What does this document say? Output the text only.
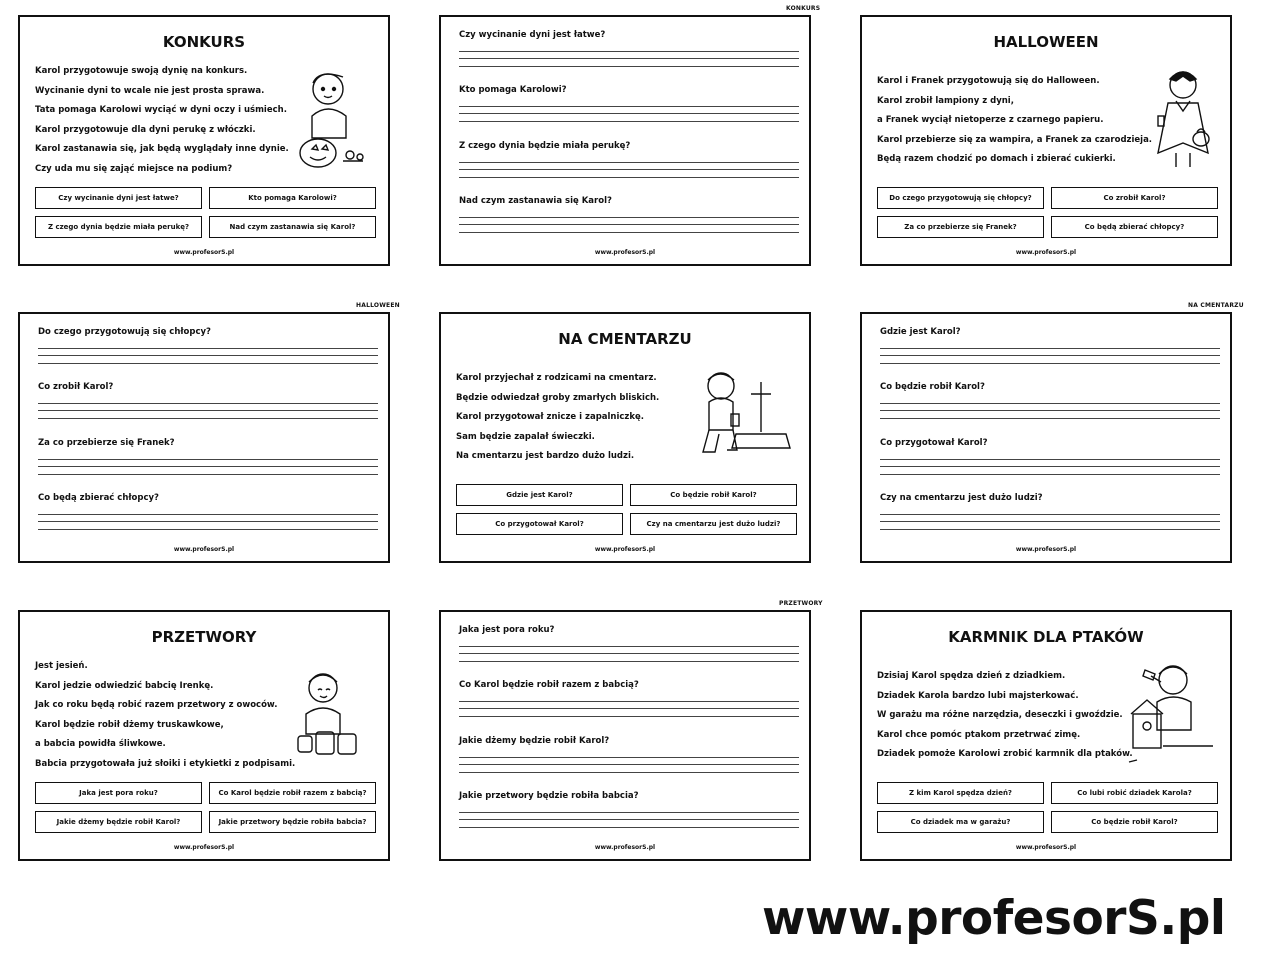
KONKURS
Karol przygotowuje swoją dynię na konkurs.
Wycinanie dyni to wcale nie jest prosta sprawa.
Tata pomaga Karolowi wyciąć w dyni oczy i uśmiech.
Karol przygotowuje dla dyni perukę z włóczki.
Karol zastanawia się, jak będą wyglądały inne dynie.
Czy uda mu się zająć miejsce na podium?
Czy wycinanie dyni jest łatwe?	Kto pomaga Karolowi?
Z czego dynia będzie miała perukę?	Nad czym zastanawia się Karol?
www.profesorS.pl
KONKURS
Czy wycinanie dyni jest łatwe?
Kto pomaga Karolowi?
Z czego dynia będzie miała perukę?
Nad czym zastanawia się Karol?
www.profesorS.pl
HALLOWEEN
Karol i Franek przygotowują się do Halloween.
Karol zrobił lampiony z dyni,
a Franek wyciął nietoperze z czarnego papieru.
Karol przebierze się za wampira, a Franek za czarodzieja.
Będą razem chodzić po domach i zbierać cukierki.
Do czego przygotowują się chłopcy?	Co zrobił Karol?
Za co przebierze się Franek?	Co będą zbierać chłopcy?
www.profesorS.pl
HALLOWEEN
Do czego przygotowują się chłopcy?
Co zrobił Karol?
Za co przebierze się Franek?
Co będą zbierać chłopcy?
www.profesorS.pl
NA CMENTARZU
Karol przyjechał z rodzicami na cmentarz.
Będzie odwiedzał groby zmarłych bliskich.
Karol przygotował znicze i zapalniczkę.
Sam będzie zapalał świeczki.
Na cmentarzu jest bardzo dużo ludzi.
Gdzie jest Karol?	Co będzie robił Karol?
Co przygotował Karol?	Czy na cmentarzu jest dużo ludzi?
www.profesorS.pl
NA CMENTARZU
Gdzie jest Karol?
Co będzie robił Karol?
Co przygotował Karol?
Czy na cmentarzu jest dużo ludzi?
www.profesorS.pl
PRZETWORY
Jest jesień.
Karol jedzie odwiedzić babcię Irenkę.
Jak co roku będą robić razem przetwory z owoców.
Karol będzie robił dżemy truskawkowe,
a babcia powidła śliwkowe.
Babcia przygotowała już słoiki i etykietki z podpisami.
Jaka jest pora roku?	Co Karol będzie robił razem z babcią?
Jakie dżemy będzie robił Karol?	Jakie przetwory będzie robiła babcia?
www.profesorS.pl
PRZETWORY
Jaka jest pora roku?
Co Karol będzie robił razem z babcią?
Jakie dżemy będzie robił Karol?
Jakie przetwory będzie robiła babcia?
www.profesorS.pl
KARMNIK DLA PTAKÓW
Dzisiaj Karol spędza dzień z dziadkiem.
Dziadek Karola bardzo lubi majsterkować.
W garażu ma różne narzędzia, deseczki i gwoździe.
Karol chce pomóc ptakom przetrwać zimę.
Dziadek pomoże Karolowi zrobić karmnik dla ptaków.
Z kim Karol spędza dzień?	Co lubi robić dziadek Karola?
Co dziadek ma w garażu?	Co będzie robił Karol?
www.profesorS.pl
www.profesorS.pl
